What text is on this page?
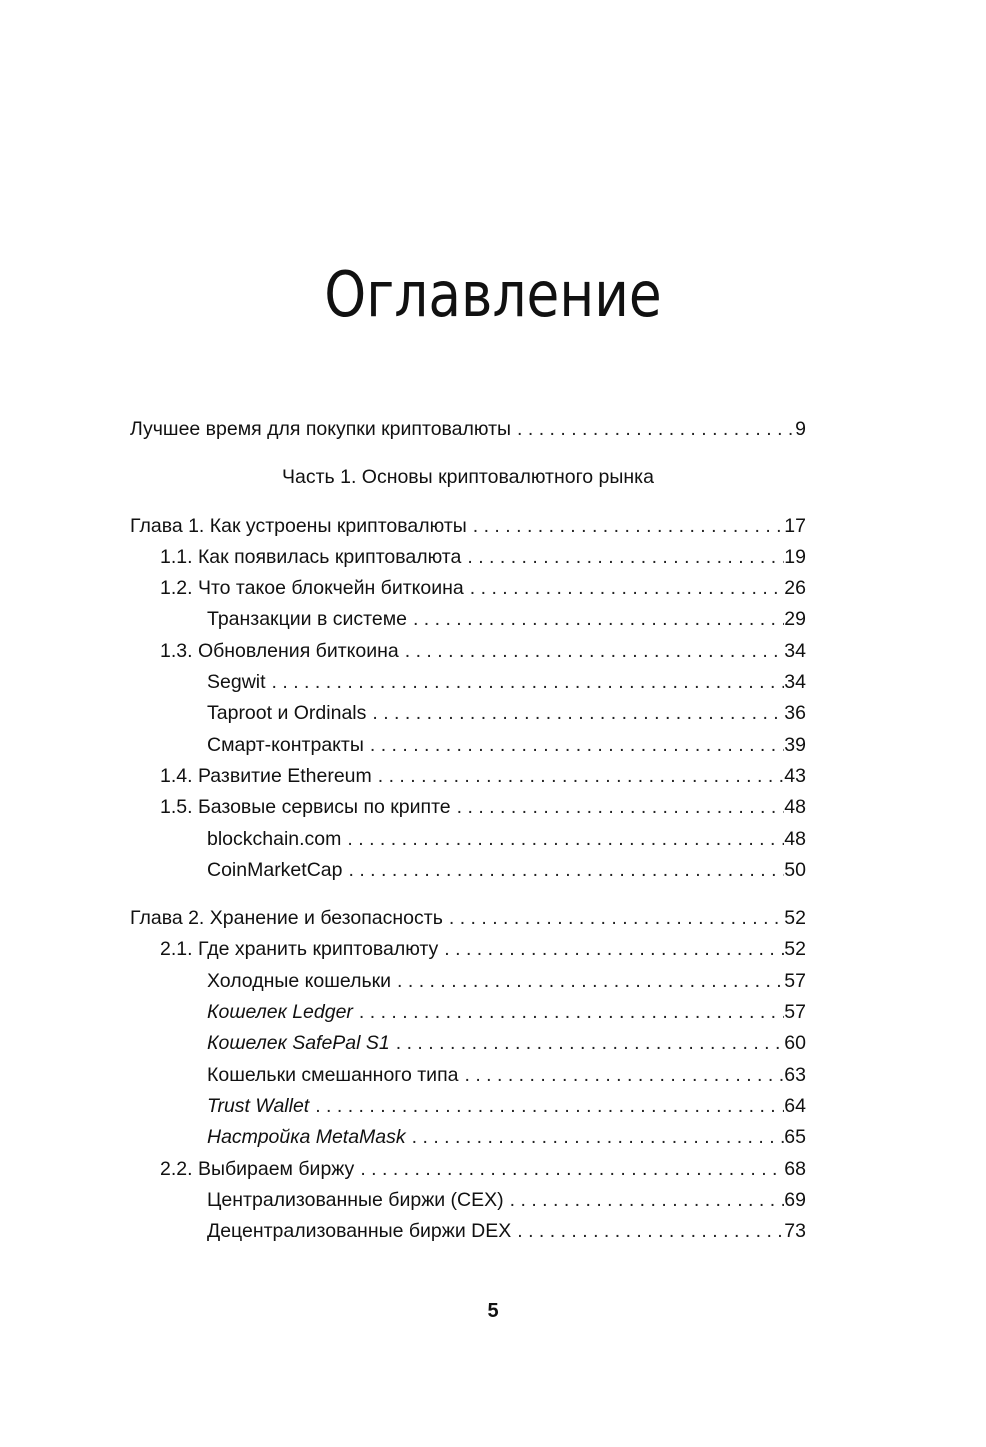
Оглавление
Лучшее время для покупки криптовалюты . . .	9
Часть 1. Основы криптовалютного рынка
Глава 1. Как устроены криптовалюты . . .	17
1.1. Как появилась криптовалюта . . .	19
1.2. Что такое блокчейн биткоина . . .	26
Транзакции в системе . . .	29
1.3. Обновления биткоина . . .	34
Segwit . . .	34
Taproot и Ordinals . . .	36
Смарт-контракты . . .	39
1.4. Развитие Ethereum . . .	43
1.5. Базовые сервисы по крипте . . .	48
blockchain.com . . .	48
CoinMarketCap . . .	50
Глава 2. Хранение и безопасность . . .	52
2.1. Где хранить криптовалюту . . .	52
Холодные кошельки . . .	57
Кошелек Ledger . . .	57
Кошелек SafePal S1 . . .	60
Кошельки смешанного типа . . .	63
Trust Wallet . . .	64
Настройка MetaMask . . .	65
2.2. Выбираем биржу . . .	68
Централизованные биржи (CEX) . . .	69
Децентрализованные биржи DEX . . .	73
5
